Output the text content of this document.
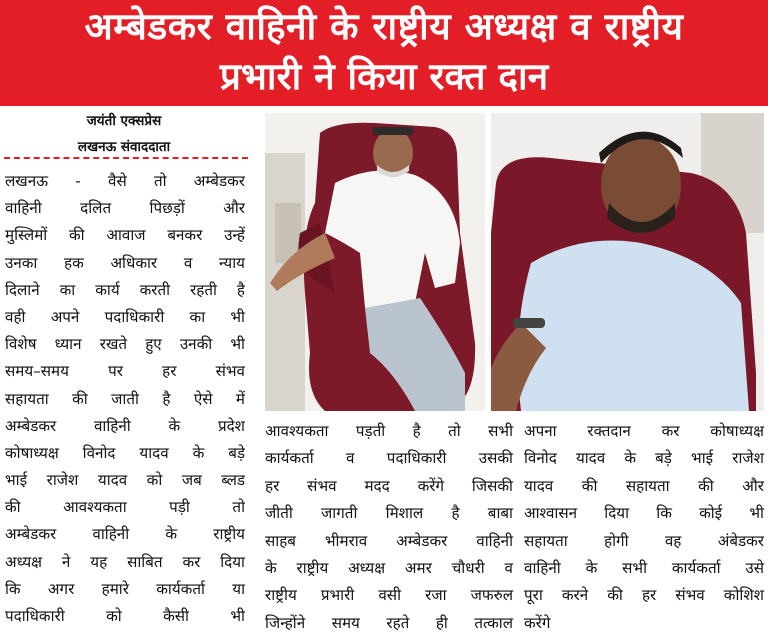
अम्बेडकर वाहिनी के राष्ट्रीय अध्यक्ष व राष्ट्रीय
प्रभारी ने किया रक्त दान
जयंती एक्सप्रेस
लखनऊ संवाददाता
लखनऊ - वैसे तो अम्बेडकर
वाहिनी दलित पिछड़ों और
मुस्लिमों की आवाज बनकर उन्हें
उनका हक अधिकार व न्याय
दिलाने का कार्य करती रहती है
वही अपने पदाधिकारी का भी
विशेष ध्यान रखते हुए उनकी भी
समय–समय पर हर संभव
सहायता की जाती है ऐसे में
अम्बेडकर वाहिनी के प्रदेश
कोषाध्यक्ष विनोद यादव के बड़े
भाई राजेश यादव को जब ब्लड
की आवश्यकता पड़ी तो
अम्बेडकर वाहिनी के राष्ट्रीय
अध्यक्ष ने यह साबित कर दिया
कि अगर हमारे कार्यकर्ता या
पदाधिकारी को कैसी भी
आवश्यकता पड़ती है तो सभी
कार्यकर्ता व पदाधिकारी उसकी
हर संभव मदद करेंगे जिसकी
जीती जागती मिशाल है बाबा
साहब भीमराव अम्बेडकर वाहिनी
के राष्ट्रीय अध्यक्ष अमर चौधरी व
राष्ट्रीय प्रभारी वसी रजा जफरुल
जिन्होंने समय रहते ही तत्काल
अपना रक्तदान कर कोषाध्यक्ष
विनोद यादव के बड़े भाई राजेश
यादव की सहायता की और
आश्वासन दिया कि कोई भी
सहायता होगी वह अंबेडकर
वाहिनी के सभी कार्यकर्ता उसे
पूरा करने की हर संभव कोशिश
करेंगे
